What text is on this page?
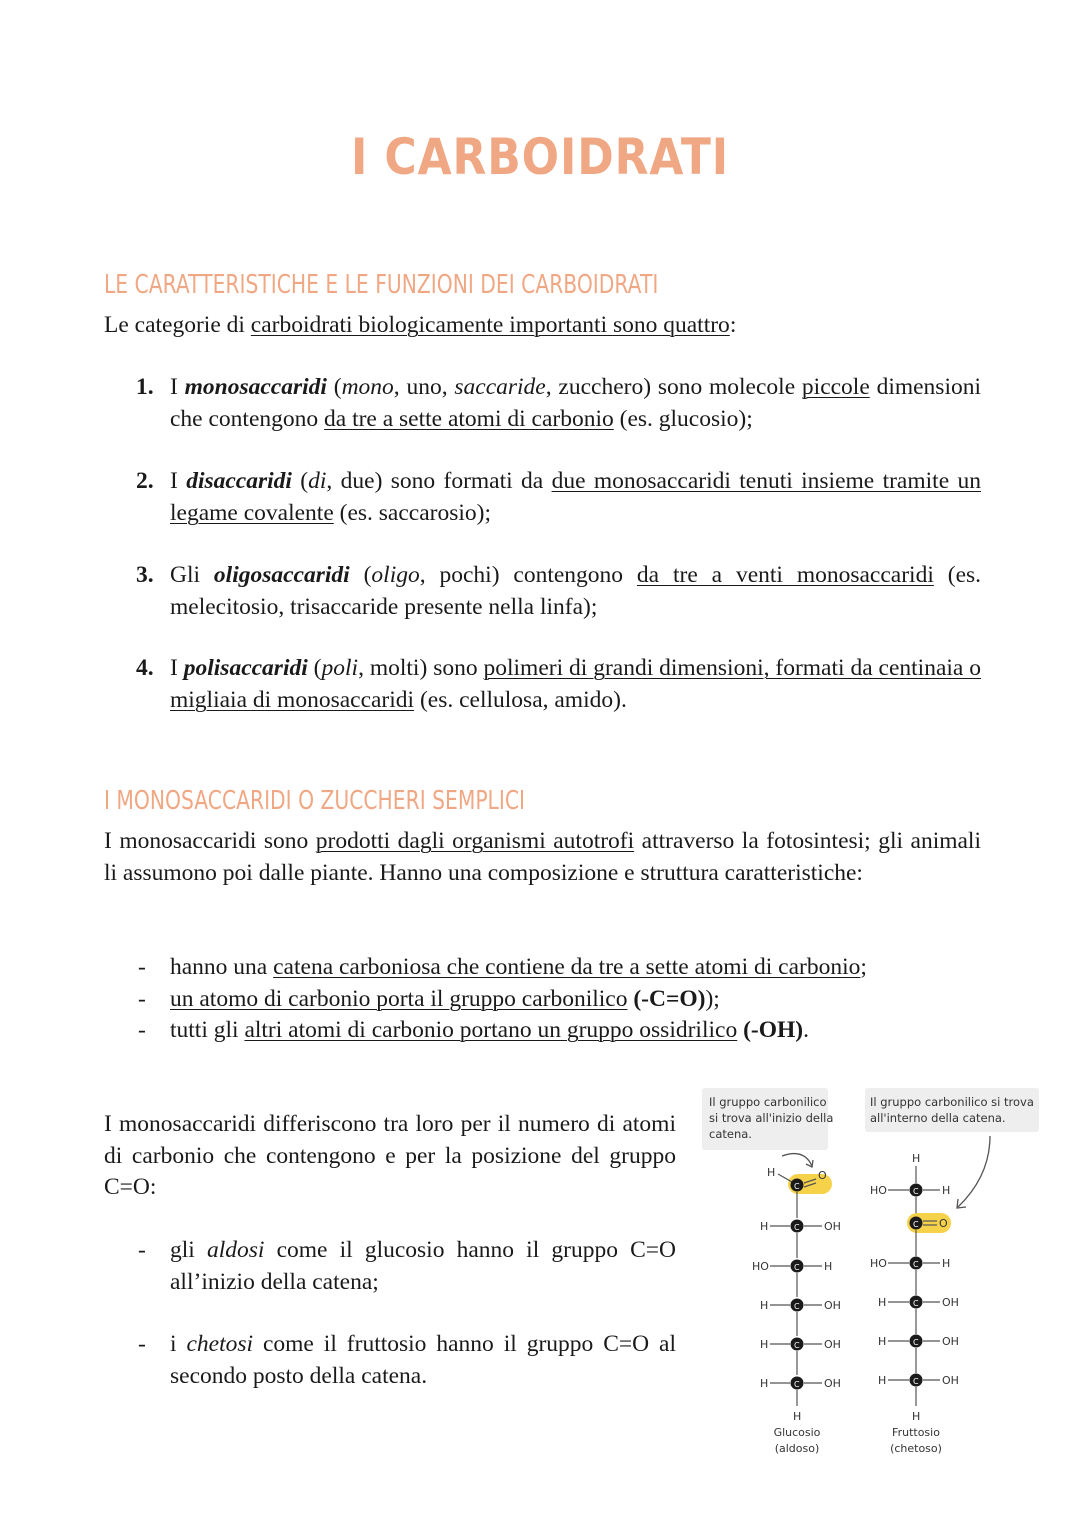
I CARBOIDRATI
LE CARATTERISTICHE E LE FUNZIONI DEI CARBOIDRATI
Le categorie di carboidrati biologicamente importanti sono quattro:
1. I monosaccaridi (mono, uno, saccaride, zucchero) sono molecole piccole dimensioni che contengono da tre a sette atomi di carbonio (es. glucosio);
2. I disaccaridi (di, due) sono formati da due monosaccaridi tenuti insieme tramite un legame covalente (es. saccarosio);
3. Gli oligosaccaridi (oligo, pochi) contengono da tre a venti monosaccaridi (es. melecitosio, trisaccaride presente nella linfa);
4. I polisaccaridi (poli, molti) sono polimeri di grandi dimensioni, formati da centinaia o migliaia di monosaccaridi (es. cellulosa, amido).
I MONOSACCARIDI O ZUCCHERI SEMPLICI
I monosaccaridi sono prodotti dagli organismi autotrofi attraverso la fotosintesi; gli animali li assumono poi dalle piante. Hanno una composizione e struttura caratteristiche:
- hanno una catena carboniosa che contiene da tre a sette atomi di carbonio;
- un atomo di carbonio porta il gruppo carbonilico (-C=O));
- tutti gli altri atomi di carbonio portano un gruppo ossidrilico (-OH).
I monosaccaridi differiscono tra loro per il numero di atomi di carbonio che contengono e per la posizione del gruppo C=O:
- gli aldosi come il glucosio hanno il gruppo C=O all’inizio della catena;
- i chetosi come il fruttosio hanno il gruppo C=O al secondo posto della catena.
Il gruppo carbonilico si trova all'inizio della catena.
Il gruppo carbonilico si trova all'interno della catena.
H
C
O
H	C OH
HO	C H
H	C OH
H	C OH
H	C OH
H
Glucosio
(aldoso)
H
HO	C H
C O
HO	C H
H	C OH
H	C OH
H	C OH
H
Fruttosio
(chetoso)
